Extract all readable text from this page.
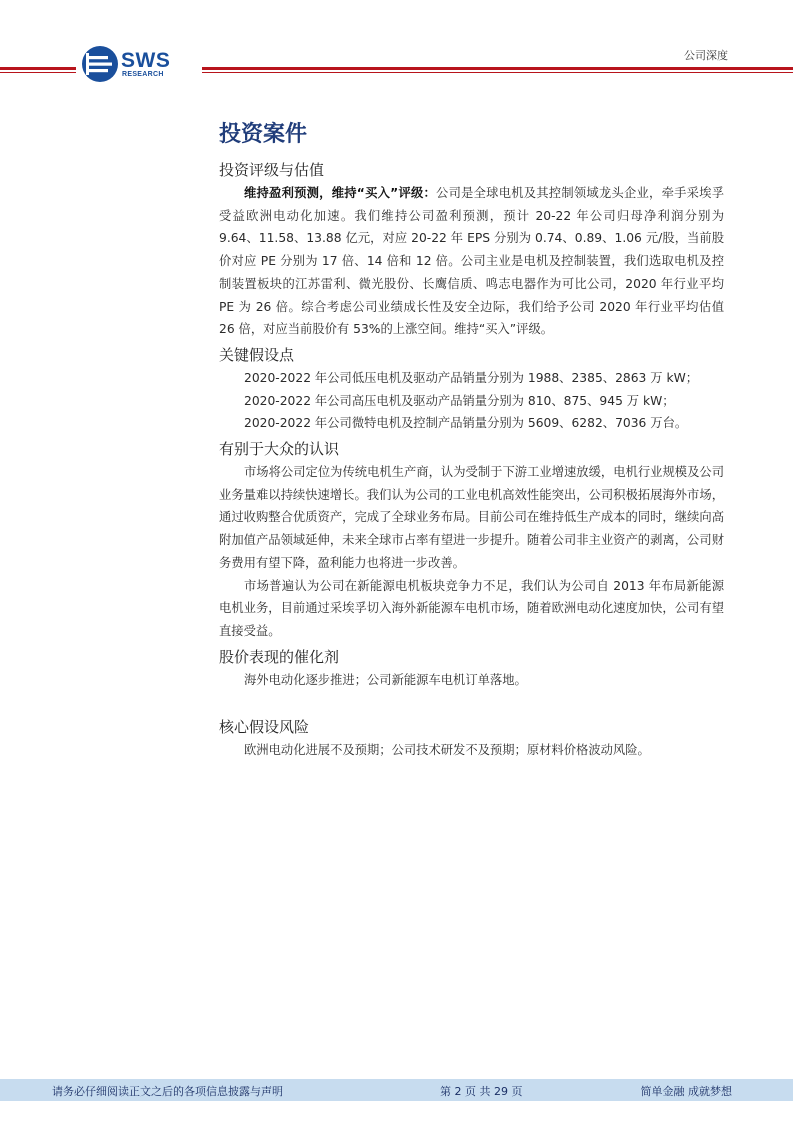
SWS
RESEARCH
公司深度
投资案件
投资评级与估值
维持盈利预测，维持“买入”评级：公司是全球电机及其控制领域龙头企业，牵手采埃孚受益欧洲电动化加速。我们维持公司盈利预测，预计 20-22 年公司归母净利润分别为 9.64、11.58、13.88 亿元，对应 20-22 年 EPS 分别为 0.74、0.89、1.06 元/股，当前股价对应 PE 分别为 17 倍、14 倍和 12 倍。公司主业是电机及控制装置，我们选取电机及控制装置板块的江苏雷利、微光股份、长鹰信质、鸣志电器作为可比公司，2020 年行业平均 PE 为 26 倍。综合考虑公司业绩成长性及安全边际，我们给予公司 2020 年行业平均估值 26 倍，对应当前股价有 53%的上涨空间。维持“买入”评级。
关键假设点
2020-2022 年公司低压电机及驱动产品销量分别为 1988、2385、2863 万 kW；
2020-2022 年公司高压电机及驱动产品销量分别为 810、875、945 万 kW；
2020-2022 年公司微特电机及控制产品销量分别为 5609、6282、7036 万台。
有别于大众的认识
市场将公司定位为传统电机生产商，认为受制于下游工业增速放缓，电机行业规模及公司业务量难以持续快速增长。我们认为公司的工业电机高效性能突出，公司积极拓展海外市场，通过收购整合优质资产，完成了全球业务布局。目前公司在维持低生产成本的同时，继续向高附加值产品领域延伸，未来全球市占率有望进一步提升。随着公司非主业资产的剥离，公司财务费用有望下降，盈利能力也将进一步改善。
市场普遍认为公司在新能源电机板块竞争力不足，我们认为公司自 2013 年布局新能源电机业务，目前通过采埃孚切入海外新能源车电机市场，随着欧洲电动化速度加快，公司有望直接受益。
股价表现的催化剂
海外电动化逐步推进；公司新能源车电机订单落地。
核心假设风险
欧洲电动化进展不及预期；公司技术研发不及预期；原材料价格波动风险。
请务必仔细阅读正文之后的各项信息披露与声明	第 2 页 共 29 页	简单金融 成就梦想
